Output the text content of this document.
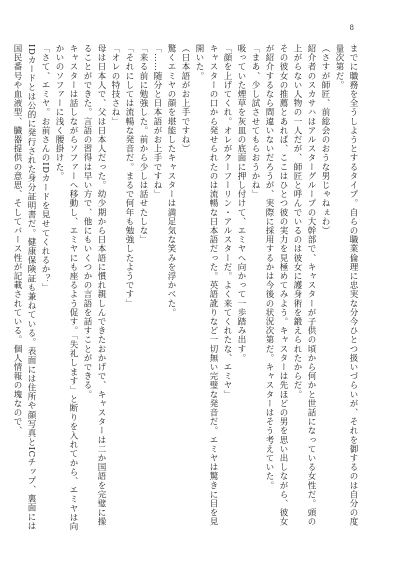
8

までに職務を全うしようとするタイプ。自らの職業倫理に忠実な分今ひとつ扱いづらいが、それを御するのは自分の度量次第だ。

（さすが師匠、前総会のおうな男じゃねぇわ）

紹介者のスカサハはアルスターグループの大幹部で、キャスターが子供の頃から何かと世話になっている女性だ。頭の上がらない人物の一人だが、師匠と呼んでいるのは彼女に護身術を鍛えられたからだ。

その彼女の推薦とあれば、ここはひとつ彼の実力を見極めてみよう。キャスターは先ほどの男を思い出しながら、彼女が紹介するなら間違いないだろうが、実際に採用するかは今後の状況次第だ。キャスターはそう考えていた。

「まあ、少し試させてもらおうかね」

吸っていた煙草を灰皿の底面に押し付けて、エミヤへ向かって一歩踏み出す。

「顔を上げてくれ。オレがクーフーリン・アルスターだ。よく来てくれたな、エミヤ」

キャスターの口から発せられたのは流暢な日本語だった。英語訛りなど一切無い完璧な発音だ。エミヤは驚きに目を見開いた。

（日本語がお上手ですね）

驚くエミヤの顔を堪能したキャスターは満足気な笑みを浮かべた。

「……随分と日本語がお上手ですね」

「来る前に勉強した。前から少しは話せたしな」

「それにしては流暢な発音だ。まるで何年も勉強したようです」

「オレの特技さね」

母は日本人で、父は日本人だった。幼少期から日本語に慣れ親しんできたおかげで、キャスターは二か国語を完璧に操ることができた。言語の習得は早い方で、他にもいくつかの言語を話すことができる。

キャスターは話しながらソファーへ移動し、エミヤにも座るよう促す。「失礼します」と断りを入れてから、エミヤは向かいのソファーに浅く腰掛けた。

「さて、エミヤ。お前さんのIDカードを見せてくれるか？」

IDカードとは公的に発行された身分証明書だ。健康保険証も兼ねている。表面には住所や顔写真とICチップ、裏面には国民番号や血液型、臓器提供の意思、そしてバース性が記載されている。個人情報の塊なので、
